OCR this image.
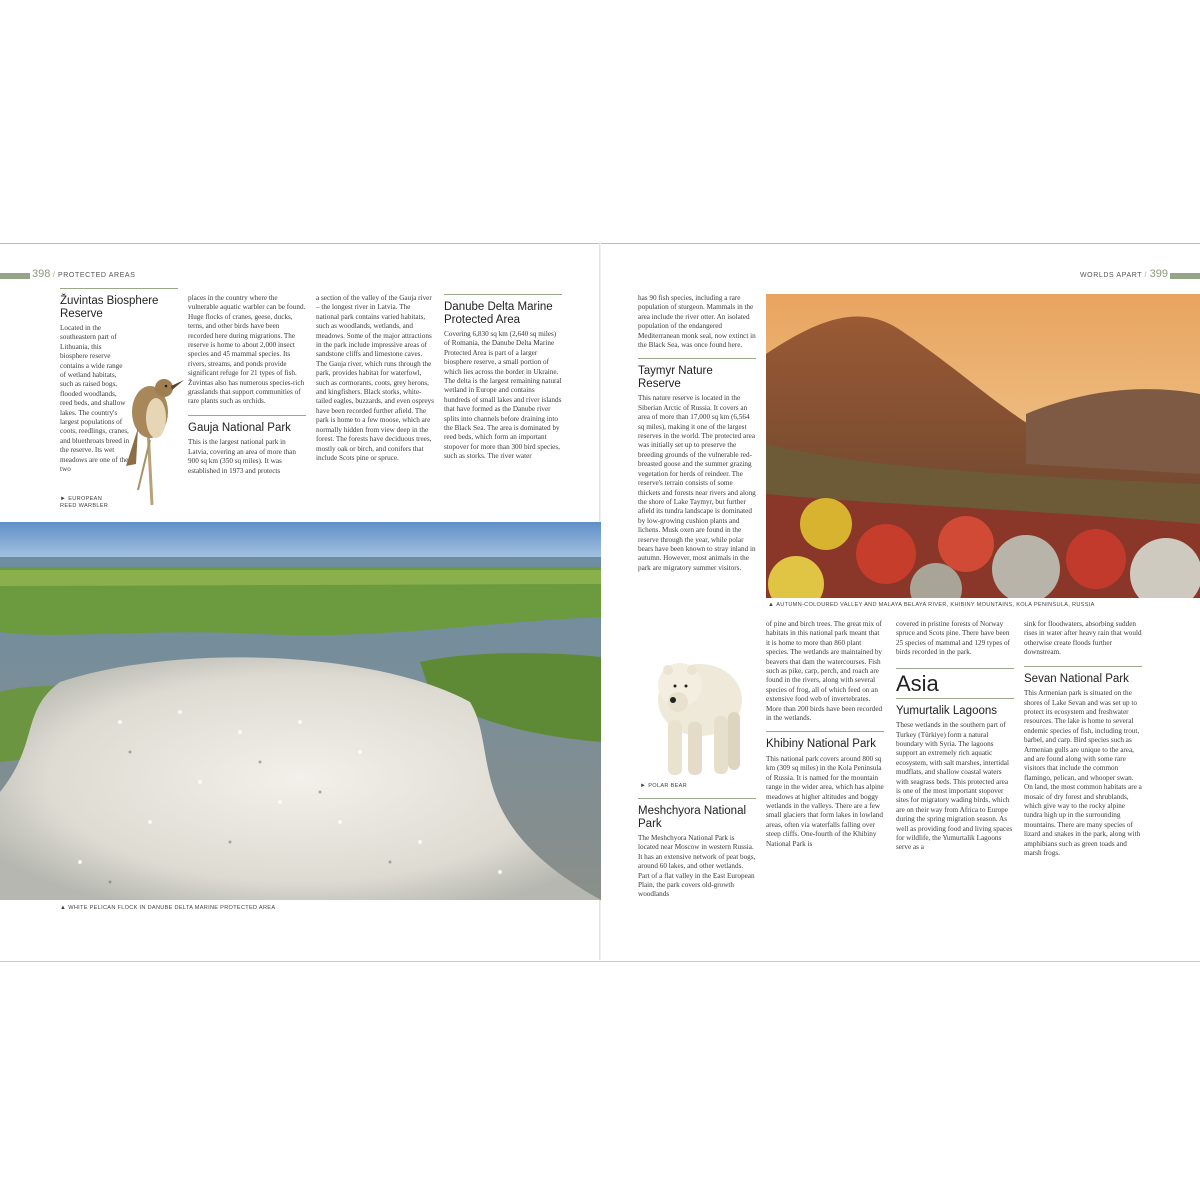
398 / PROTECTED AREAS	WORLDS APART / 399
Žuvintas Biosphere Reserve
Located in the southeastern part of Lithuania, this biosphere reserve contains a wide range of wetland habitats, such as raised bogs, flooded woodlands, reed beds, and shallow lakes. The country's largest populations of coots, reedlings, cranes, and bluethroats breed in the reserve. Its wet meadows are one of the two
► EUROPEAN REED WARBLER
places in the country where the vulnerable aquatic warbler can be found. Huge flocks of cranes, geese, ducks, terns, and other birds have been recorded here during migrations. The reserve is home to about 2,000 insect species and 45 mammal species. Its rivers, streams, and ponds provide significant refuge for 21 types of fish. Žuvintas also has numerous species-rich grasslands that support communities of rare plants such as orchids.
Gauja National Park
This is the largest national park in Latvia, covering an area of more than 900 sq km (350 sq miles). It was established in 1973 and protects
a section of the valley of the Gauja river – the longest river in Latvia. The national park contains varied habitats, such as woodlands, wetlands, and meadows. Some of the major attractions in the park include impressive areas of sandstone cliffs and limestone caves. The Gauja river, which runs through the park, provides habitat for waterfowl, such as cormorants, coots, grey herons, and kingfishers. Black storks, white-tailed eagles, buzzards, and even ospreys have been recorded further afield. The park is home to a few moose, which are normally hidden from view deep in the forest. The forests have deciduous trees, mostly oak or birch, and conifers that include Scots pine or spruce.
Danube Delta Marine Protected Area
Covering 6,830 sq km (2,640 sq miles) of Romania, the Danube Delta Marine Protected Area is part of a larger biosphere reserve, a small portion of which lies across the border in Ukraine. The delta is the largest remaining natural wetland in Europe and contains hundreds of small lakes and river islands that have formed as the Danube river splits into channels before draining into the Black Sea. The area is dominated by reed beds, which form an important stopover for more than 300 bird species, such as storks. The river water
▲ WHITE PELICAN FLOCK IN DANUBE DELTA MARINE PROTECTED AREA
has 90 fish species, including a rare population of sturgeon. Mammals in the area include the river otter. An isolated population of the endangered Mediterranean monk seal, now extinct in the Black Sea, was once found here.
Taymyr Nature Reserve
This nature reserve is located in the Siberian Arctic of Russia. It covers an area of more than 17,000 sq km (6,564 sq miles), making it one of the largest reserves in the world. The protected area was initially set up to preserve the breeding grounds of the vulnerable red-breasted goose and the summer grazing vegetation for herds of reindeer. The reserve's terrain consists of some thickets and forests near rivers and along the shore of Lake Taymyr, but further afield its tundra landscape is dominated by low-growing cushion plants and lichens. Musk oxen are found in the reserve through the year, while polar bears have been known to stray inland in autumn. However, most animals in the park are migratory summer visitors.
► POLAR BEAR
Meshchyora National Park
The Meshchyora National Park is located near Moscow in western Russia. It has an extensive network of peat bogs, around 60 lakes, and other wetlands. Part of a flat valley in the East European Plain, the park covers old-growth woodlands
▲ AUTUMN-COLOURED VALLEY AND MALAYA BELAYA RIVER, KHIBINY MOUNTAINS, KOLA PENINSULA, RUSSIA
of pine and birch trees. The great mix of habitats in this national park meant that it is home to more than 860 plant species. The wetlands are maintained by beavers that dam the watercourses. Fish such as pike, carp, perch, and roach are found in the rivers, along with several species of frog, all of which feed on an extensive food web of invertebrates. More than 200 birds have been recorded in the wetlands.
Khibiny National Park
This national park covers around 800 sq km (309 sq miles) in the Kola Peninsula of Russia. It is named for the mountain range in the wider area, which has alpine meadows at higher altitudes and boggy wetlands in the valleys. There are a few small glaciers that form lakes in lowland areas, often via waterfalls falling over steep cliffs. One-fourth of the Khibiny National Park is
covered in pristine forests of Norway spruce and Scots pine. There have been 25 species of mammal and 129 types of birds recorded in the park.
Asia
Yumurtalik Lagoons
These wetlands in the southern part of Turkey (Türkiye) form a natural boundary with Syria. The lagoons support an extremely rich aquatic ecosystem, with salt marshes, intertidal mudflats, and shallow coastal waters with seagrass beds. This protected area is one of the most important stopover sites for migratory wading birds, which are on their way from Africa to Europe during the spring migration season. As well as providing food and living spaces for wildlife, the Yumurtalik Lagoons serve as a
sink for floodwaters, absorbing sudden rises in water after heavy rain that would otherwise create floods further downstream.
Sevan National Park
This Armenian park is situated on the shores of Lake Sevan and was set up to protect its ecosystem and freshwater resources. The lake is home to several endemic species of fish, including trout, barbel, and carp. Bird species such as Armenian gulls are unique to the area, and are found along with some rare visitors that include the common flamingo, pelican, and whooper swan. On land, the most common habitats are a mosaic of dry forest and shrublands, which give way to the rocky alpine tundra high up in the surrounding mountains. There are many species of lizard and snakes in the park, along with amphibians such as green toads and marsh frogs.
